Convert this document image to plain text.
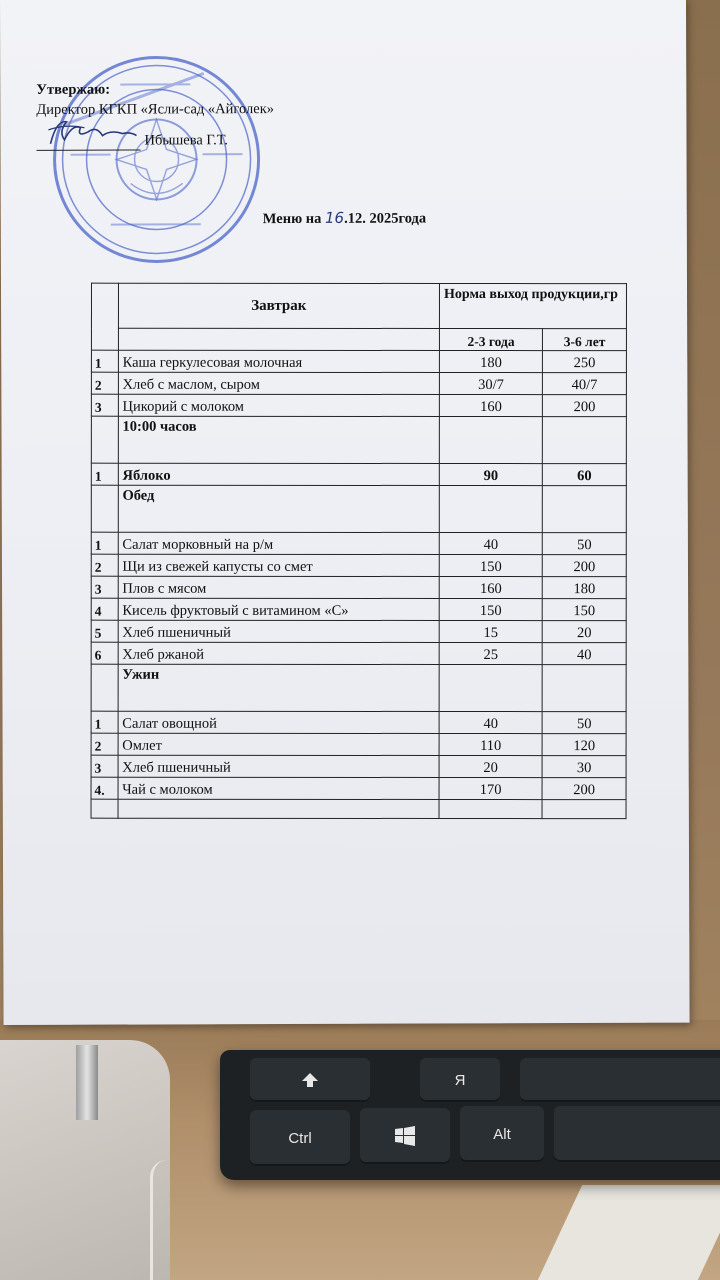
Я
Ctrl	Alt
Утвержаю:
Директор КГКП «Ясли-сад «Айголек»
Ибышева Г.Т.
Меню на 16.12. 2025года
	Завтрак	Норма выход продукции,гр	
		2-3 года	3-6 лет
1	Каша геркулесовая молочная	180	250
2	Хлеб с маслом, сыром	30/7	40/7
3	Цикорий с молоком	160	200
	10:00 часов		
1	Яблоко	90	60
	Обед		
1	Салат морковный на р/м	40	50
2	Щи из свежей капусты со смет	150	200
3	Плов с мясом	160	180
4	Кисель фруктовый с витамином «С»	150	150
5	Хлеб пшеничный	15	20
6	Хлеб ржаной	25	40
	Ужин		
1	Салат овощной	40	50
2	Омлет	110	120
3	Хлеб пшеничный	20	30
4.	Чай с молоком	170	200
